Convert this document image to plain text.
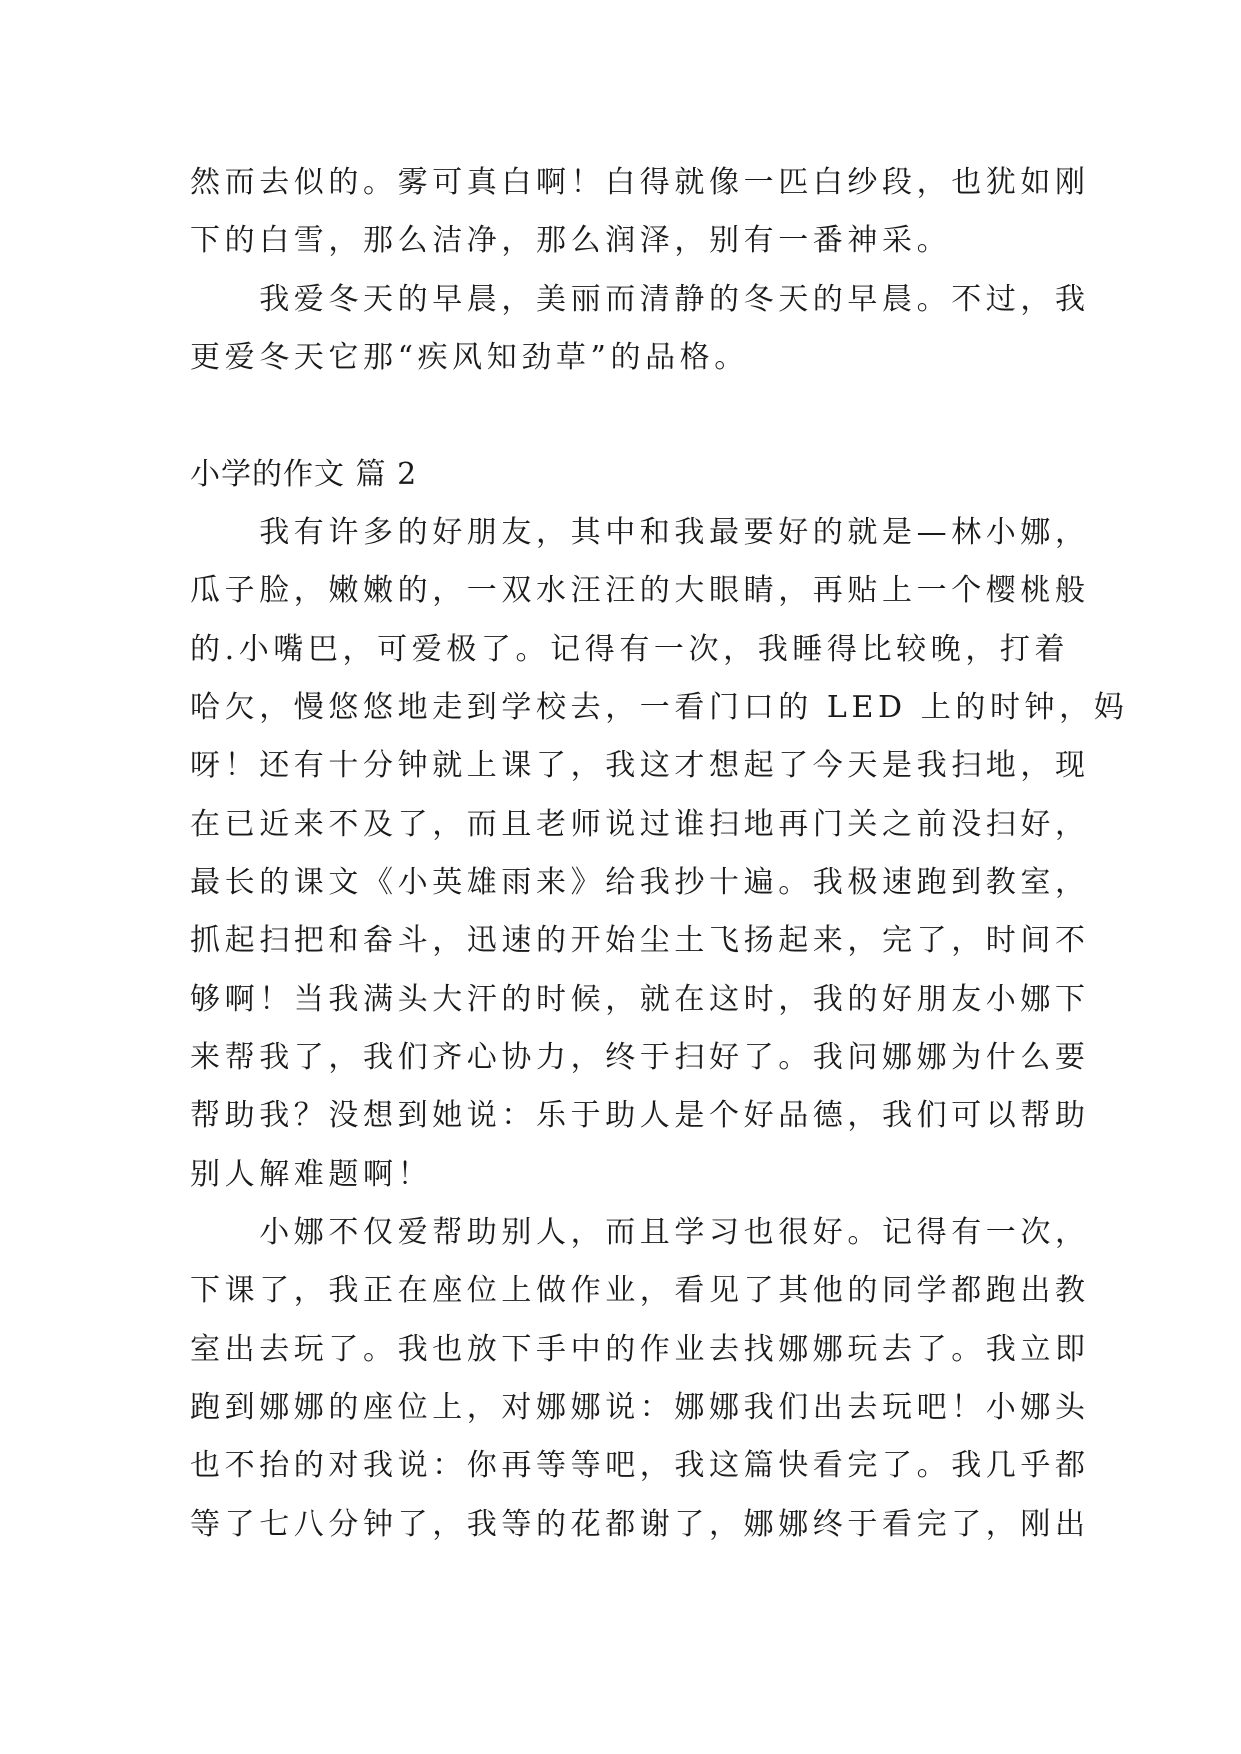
然而去似的。雾可真白啊！白得就像一匹白纱段，也犹如刚
下的白雪，那么洁净，那么润泽，别有一番神采。
　　我爱冬天的早晨，美丽而清静的冬天的早晨。不过，我
更爱冬天它那“疾风知劲草”的品格。
小学的作文 篇 2
　　我有许多的好朋友，其中和我最要好的就是—林小娜，
瓜子脸，嫩嫩的，一双水汪汪的大眼睛，再贴上一个樱桃般
的.小嘴巴，可爱极了。记得有一次，我睡得比较晚，打着
哈欠，慢悠悠地走到学校去，一看门口的 LED 上的时钟，妈
呀！还有十分钟就上课了，我这才想起了今天是我扫地，现
在已近来不及了，而且老师说过谁扫地再门关之前没扫好，
最长的课文《小英雄雨来》给我抄十遍。我极速跑到教室，
抓起扫把和畚斗，迅速的开始尘土飞扬起来，完了，时间不
够啊！当我满头大汗的时候，就在这时，我的好朋友小娜下
来帮我了，我们齐心协力，终于扫好了。我问娜娜为什么要
帮助我？没想到她说：乐于助人是个好品德，我们可以帮助
别人解难题啊！
　　小娜不仅爱帮助别人，而且学习也很好。记得有一次，
下课了，我正在座位上做作业，看见了其他的同学都跑出教
室出去玩了。我也放下手中的作业去找娜娜玩去了。我立即
跑到娜娜的座位上，对娜娜说：娜娜我们出去玩吧！小娜头
也不抬的对我说：你再等等吧，我这篇快看完了。我几乎都
等了七八分钟了，我等的花都谢了，娜娜终于看完了，刚出
